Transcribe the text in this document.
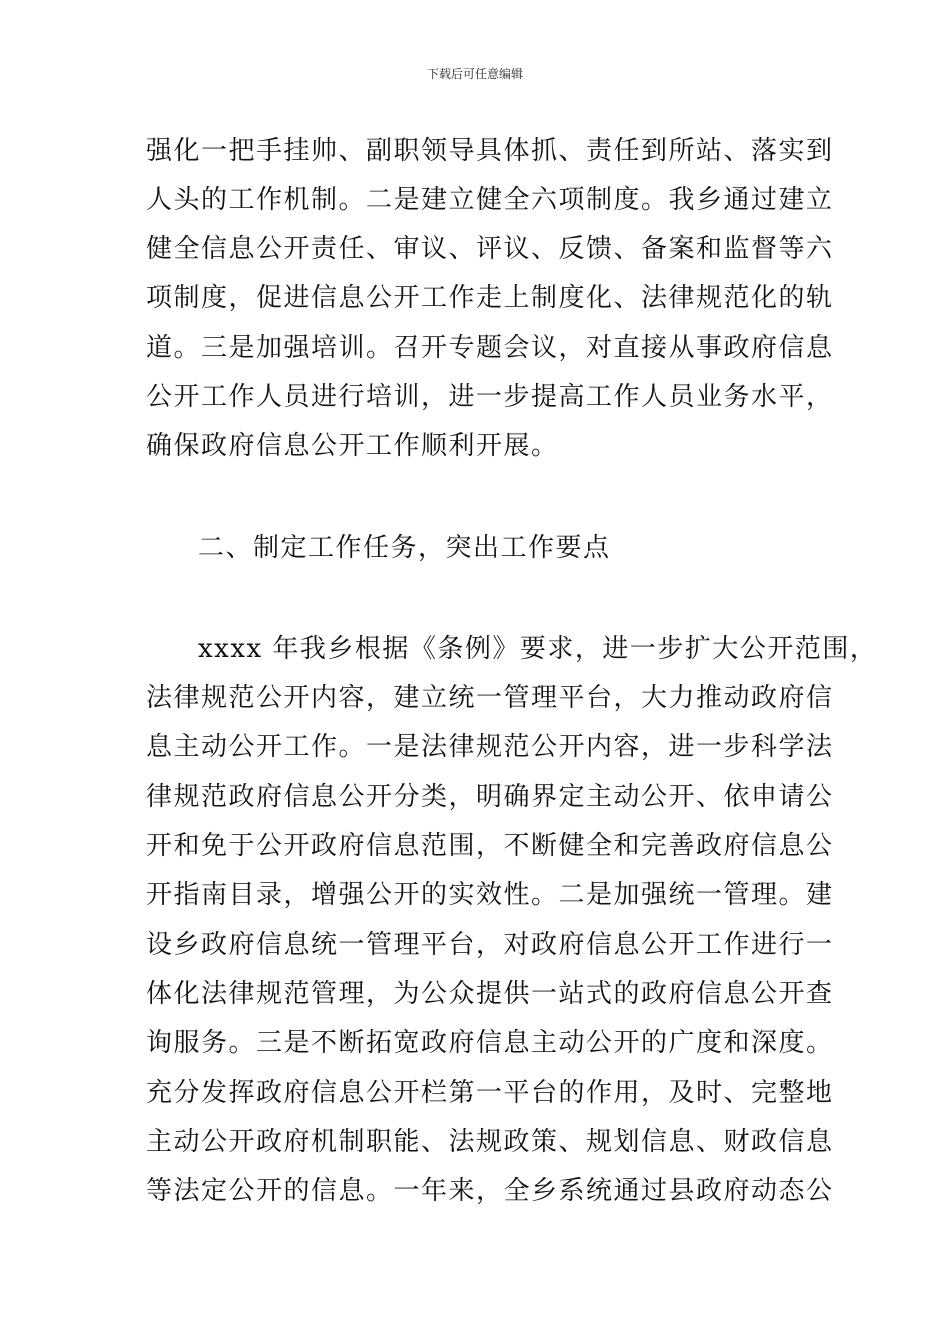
下载后可任意编辑
强化一把手挂帅、副职领导具体抓、责任到所站、落实到
人头的工作机制。二是建立健全六项制度。我乡通过建立
健全信息公开责任、审议、评议、反馈、备案和监督等六
项制度，促进信息公开工作走上制度化、法律规范化的轨
道。三是加强培训。召开专题会议，对直接从事政府信息
公开工作人员进行培训，进一步提高工作人员业务水平，
确保政府信息公开工作顺利开展。
二、制定工作任务，突出工作要点
xxxx 年我乡根据《条例》要求，进一步扩大公开范围，
法律规范公开内容，建立统一管理平台，大力推动政府信
息主动公开工作。一是法律规范公开内容，进一步科学法
律规范政府信息公开分类，明确界定主动公开、依申请公
开和免于公开政府信息范围，不断健全和完善政府信息公
开指南目录，增强公开的实效性。二是加强统一管理。建
设乡政府信息统一管理平台，对政府信息公开工作进行一
体化法律规范管理，为公众提供一站式的政府信息公开查
询服务。三是不断拓宽政府信息主动公开的广度和深度。
充分发挥政府信息公开栏第一平台的作用，及时、完整地
主动公开政府机制职能、法规政策、规划信息、财政信息
等法定公开的信息。一年来，全乡系统通过县政府动态公
